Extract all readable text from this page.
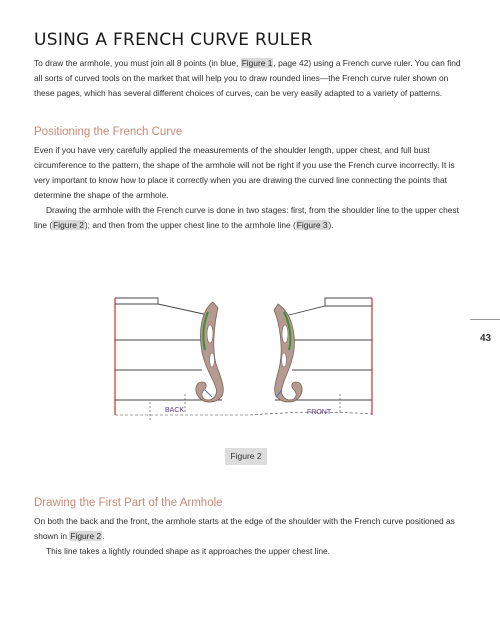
USING A FRENCH CURVE RULER

To draw the armhole, you must join all 8 points (in blue, Figure 1, page 42) using a French curve ruler. You can find all sorts of curved tools on the market that will help you to draw rounded lines—the French curve ruler shown on these pages, which has several different choices of curves, can be very easily adapted to a variety of patterns.

Positioning the French Curve

Even if you have very carefully applied the measurements of the shoulder length, upper chest, and full bust circumference to the pattern, the shape of the armhole will not be right if you use the French curve incorrectly. It is very important to know how to place it correctly when you are drawing the curved line connecting the points that determine the shape of the armhole.

Drawing the armhole with the French curve is done in two stages: first, from the shoulder line to the upper chest line (Figure 2); and then from the upper chest line to the armhole line (Figure 3).

43
BACK	FRONT
Figure 2
Drawing the First Part of the Armhole

On both the back and the front, the armhole starts at the edge of the shoulder with the French curve positioned as shown in Figure 2.

This line takes a lightly rounded shape as it approaches the upper chest line.
